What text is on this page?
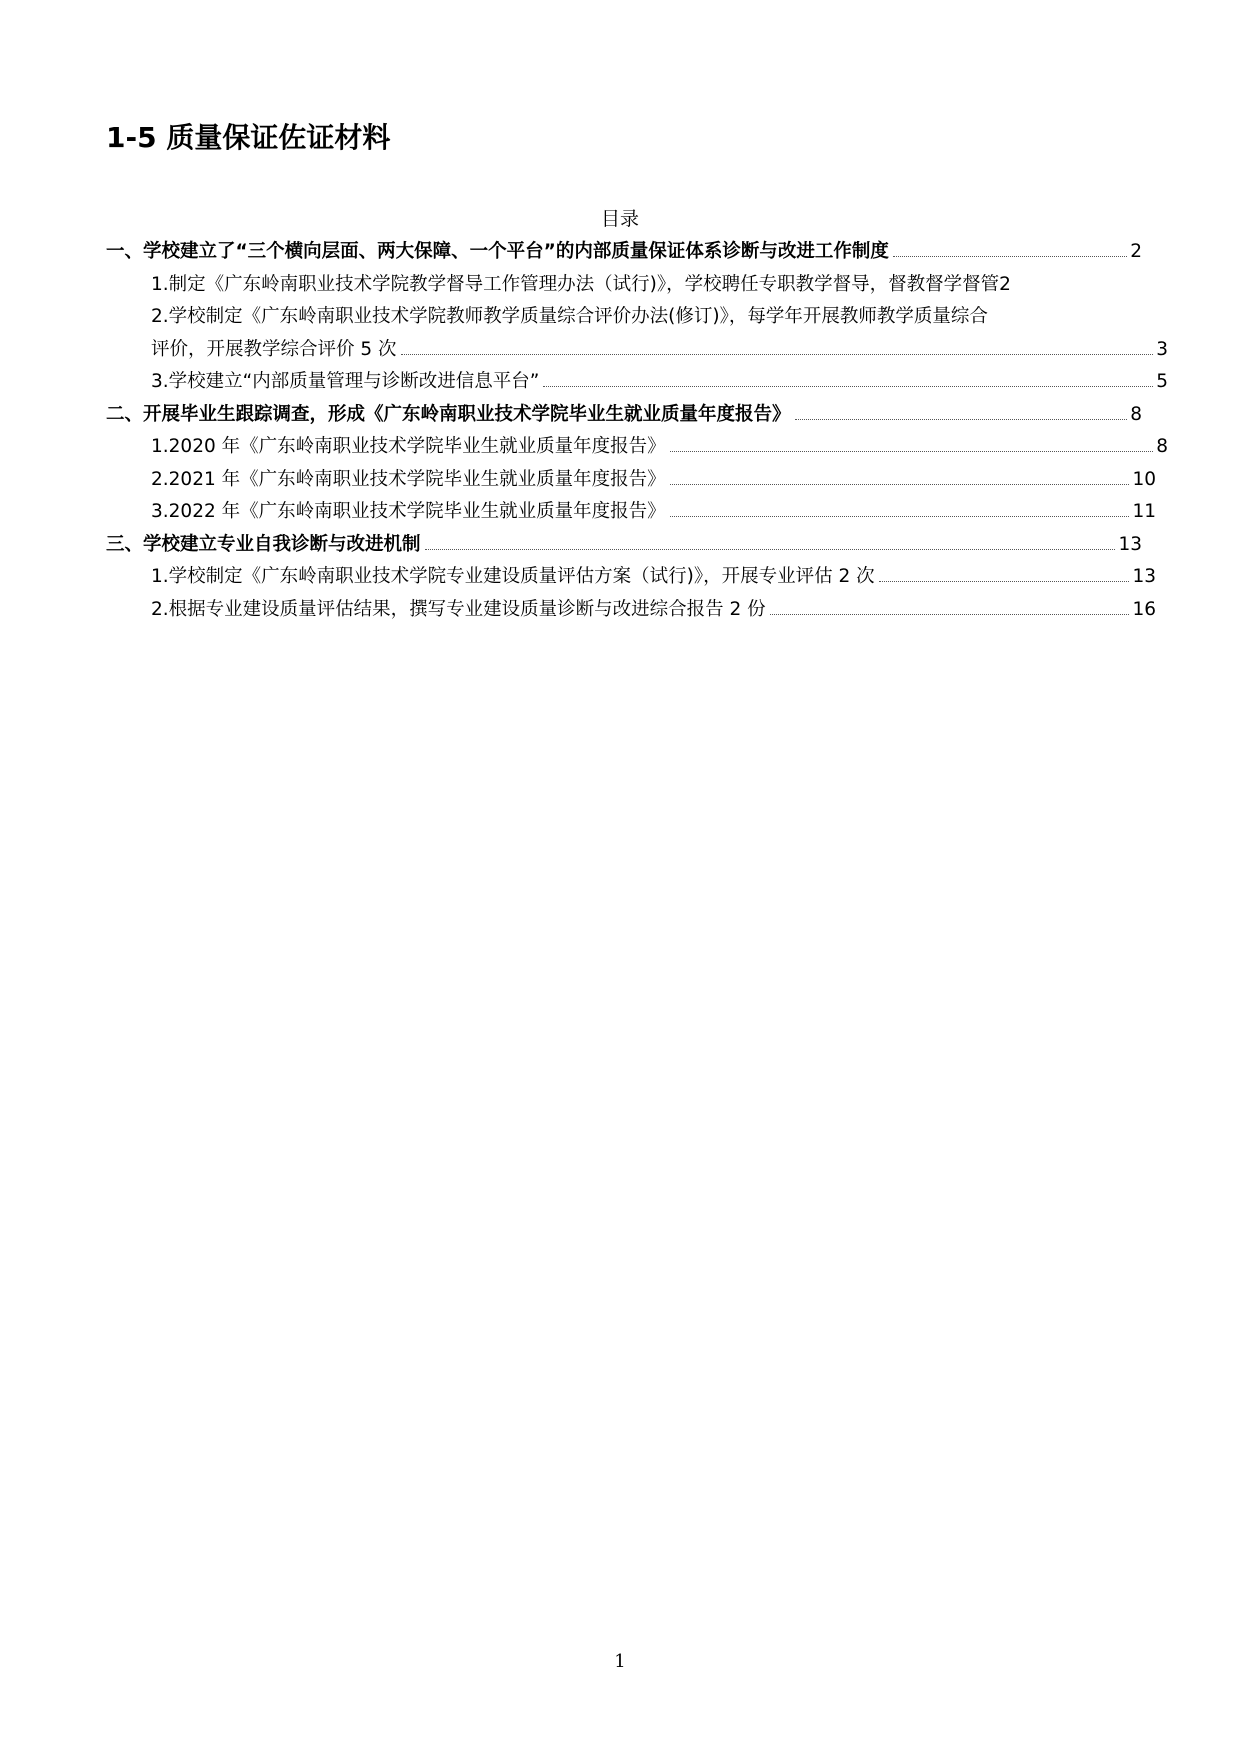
1-5 质量保证佐证材料
目录
一、学校建立了“三个横向层面、两大保障、一个平台”的内部质量保证体系诊断与改进工作制度	2
1.制定《广东岭南职业技术学院教学督导工作管理办法（试行)》，学校聘任专职教学督导，督教督学督管 2
2.学校制定《广东岭南职业技术学院教师教学质量综合评价办法(修订)》，每学年开展教师教学质量综合
评价，开展教学综合评价 5 次	3
3.学校建立“内部质量管理与诊断改进信息平台”	5
二、开展毕业生跟踪调查，形成《广东岭南职业技术学院毕业生就业质量年度报告》	8
1.2020 年《广东岭南职业技术学院毕业生就业质量年度报告》	8
2.2021 年《广东岭南职业技术学院毕业生就业质量年度报告》	10
3.2022 年《广东岭南职业技术学院毕业生就业质量年度报告》	11
三、学校建立专业自我诊断与改进机制	13
1.学校制定《广东岭南职业技术学院专业建设质量评估方案（试行)》，开展专业评估 2 次	13
2.根据专业建设质量评估结果，撰写专业建设质量诊断与改进综合报告 2 份	16
1
